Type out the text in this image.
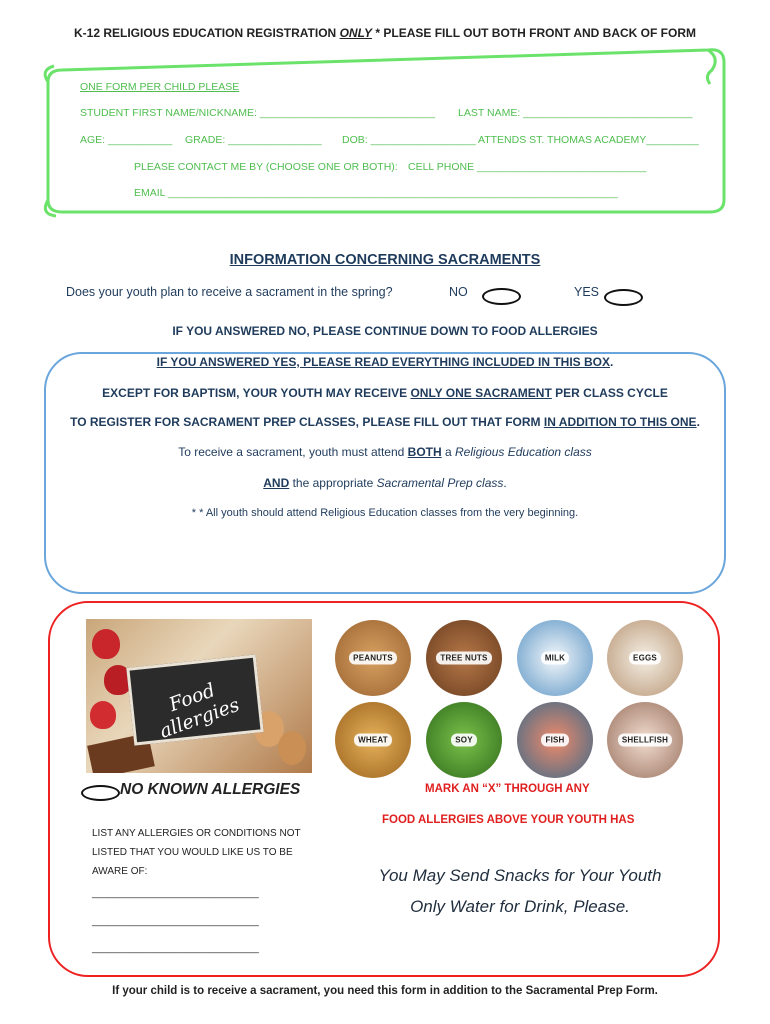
K-12 RELIGIOUS EDUCATION REGISTRATION ONLY * PLEASE FILL OUT BOTH FRONT AND BACK OF FORM
ONE FORM PER CHILD PLEASE
STUDENT FIRST NAME/NICKNAME: ______________________________ LAST NAME: _____________________________
AGE: ___________ GRADE: ________________ DOB: __________________ ATTENDS ST. THOMAS ACADEMY_________
PLEASE CONTACT ME BY (CHOOSE ONE OR BOTH): CELL PHONE _____________________________
EMAIL _____________________________________________________________________________
INFORMATION CONCERNING SACRAMENTS
Does your youth plan to receive a sacrament in the spring?	NO	YES
IF YOU ANSWERED NO, PLEASE CONTINUE DOWN TO FOOD ALLERGIES
IF YOU ANSWERED YES, PLEASE READ EVERYTHING INCLUDED IN THIS BOX.
EXCEPT FOR BAPTISM, YOUR YOUTH MAY RECEIVE ONLY ONE SACRAMENT PER CLASS CYCLE
TO REGISTER FOR SACRAMENT PREP CLASSES, PLEASE FILL OUT THAT FORM IN ADDITION TO THIS ONE.
To receive a sacrament, youth must attend BOTH a Religious Education class
AND the appropriate Sacramental Prep class.
* * All youth should attend Religious Education classes from the very beginning.
Food allergies
PEANUTS	TREE NUTS	MILK	EGGS
WHEAT	SOY	FISH	SHELLFISH
NO KNOWN ALLERGIES	MARK AN “X” THROUGH ANY
FOOD ALLERGIES ABOVE YOUR YOUTH HAS
LIST ANY ALLERGIES OR CONDITIONS NOT LISTED THAT YOU WOULD LIKE US TO BE AWARE OF:
______________________________
______________________________
______________________________
You May Send Snacks for Your Youth
Only Water for Drink, Please.
If your child is to receive a sacrament, you need this form in addition to the Sacramental Prep Form.
